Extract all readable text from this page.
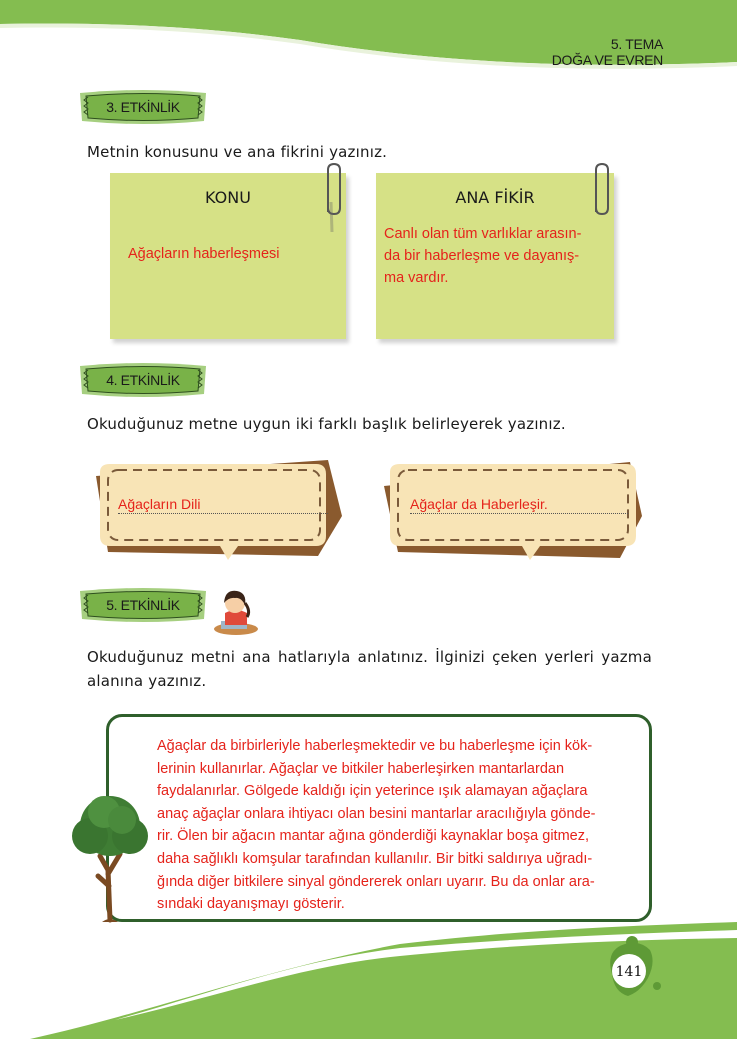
5. TEMA
DOĞA VE EVREN
3. ETKİNLİK
Metnin konusunu ve ana fikrini yazınız.
KONU
Ağaçların haberleşmesi
ANA FİKİR
Canlı olan tüm varlıklar arasın-
da bir haberleşme ve dayanış-
ma vardır.
4. ETKİNLİK
Okuduğunuz metne uygun iki farklı başlık belirleyerek yazınız.
Ağaçların Dili	Ağaçlar da Haberleşir.
5. ETKİNLİK
Okuduğunuz metni ana hatlarıyla anlatınız. İlginizi çeken yerleri yazma
alanına yazınız.
Ağaçlar da birbirleriyle haberleşmektedir ve bu haberleşme için kök-
lerinin kullanırlar. Ağaçlar ve bitkiler haberleşirken mantarlardan
faydalanırlar. Gölgede kaldığı için yeterince ışık alamayan ağaçlara
anaç ağaçlar onlara ihtiyacı olan besini mantarlar aracılığıyla gönde-
rir. Ölen bir ağacın mantar ağına gönderdiği kaynaklar boşa gitmez,
daha sağlıklı komşular tarafından kullanılır. Bir bitki saldırıya uğradı-
ğında diğer bitkilere sinyal göndererek onları uyarır. Bu da onlar ara-
sındaki dayanışmayı gösterir.
141
